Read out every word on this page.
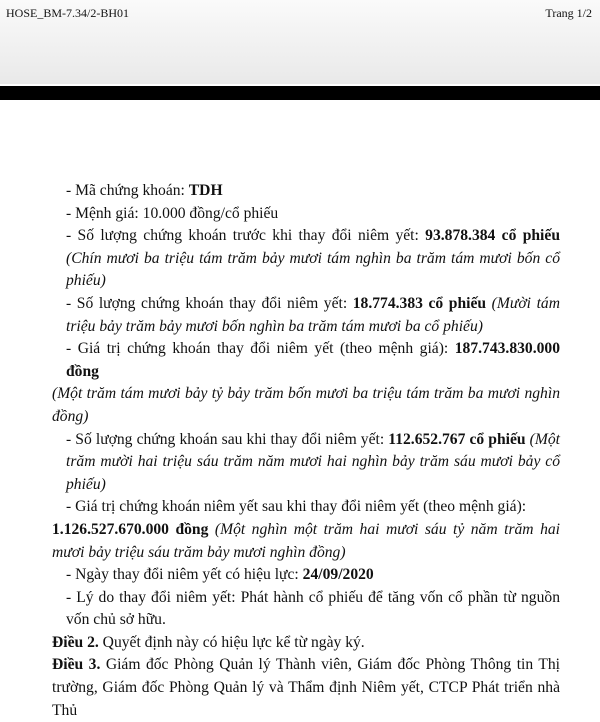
HOSE_BM-7.34/2-BH01	Trang 1/2

- Mã chứng khoán: TDH

- Mệnh giá: 10.000 đồng/cổ phiếu

- Số lượng chứng khoán trước khi thay đổi niêm yết: 93.878.384 cổ phiếu (Chín mươi ba triệu tám trăm bảy mươi tám nghìn ba trăm tám mươi bốn cổ phiếu)

- Số lượng chứng khoán thay đổi niêm yết: 18.774.383 cổ phiếu (Mười tám triệu bảy trăm bảy mươi bốn nghìn ba trăm tám mươi ba cổ phiếu)

- Giá trị chứng khoán thay đổi niêm yết (theo mệnh giá): 187.743.830.000 đồng

(Một trăm tám mươi bảy tỷ bảy trăm bốn mươi ba triệu tám trăm ba mươi nghìn đồng)

- Số lượng chứng khoán sau khi thay đổi niêm yết: 112.652.767 cổ phiếu (Một trăm mười hai triệu sáu trăm năm mươi hai nghìn bảy trăm sáu mươi bảy cổ phiếu)

- Giá trị chứng khoán niêm yết sau khi thay đổi niêm yết (theo mệnh giá):

1.126.527.670.000 đồng (Một nghìn một trăm hai mươi sáu tỷ năm trăm hai mươi bảy triệu sáu trăm bảy mươi nghìn đồng)

- Ngày thay đổi niêm yết có hiệu lực: 24/09/2020

- Lý do thay đổi niêm yết: Phát hành cổ phiếu để tăng vốn cổ phần từ nguồn vốn chủ sở hữu.

Điều 2. Quyết định này có hiệu lực kể từ ngày ký.

Điều 3. Giám đốc Phòng Quản lý Thành viên, Giám đốc Phòng Thông tin Thị trường, Giám đốc Phòng Quản lý và Thẩm định Niêm yết, CTCP Phát triển nhà Thủ
